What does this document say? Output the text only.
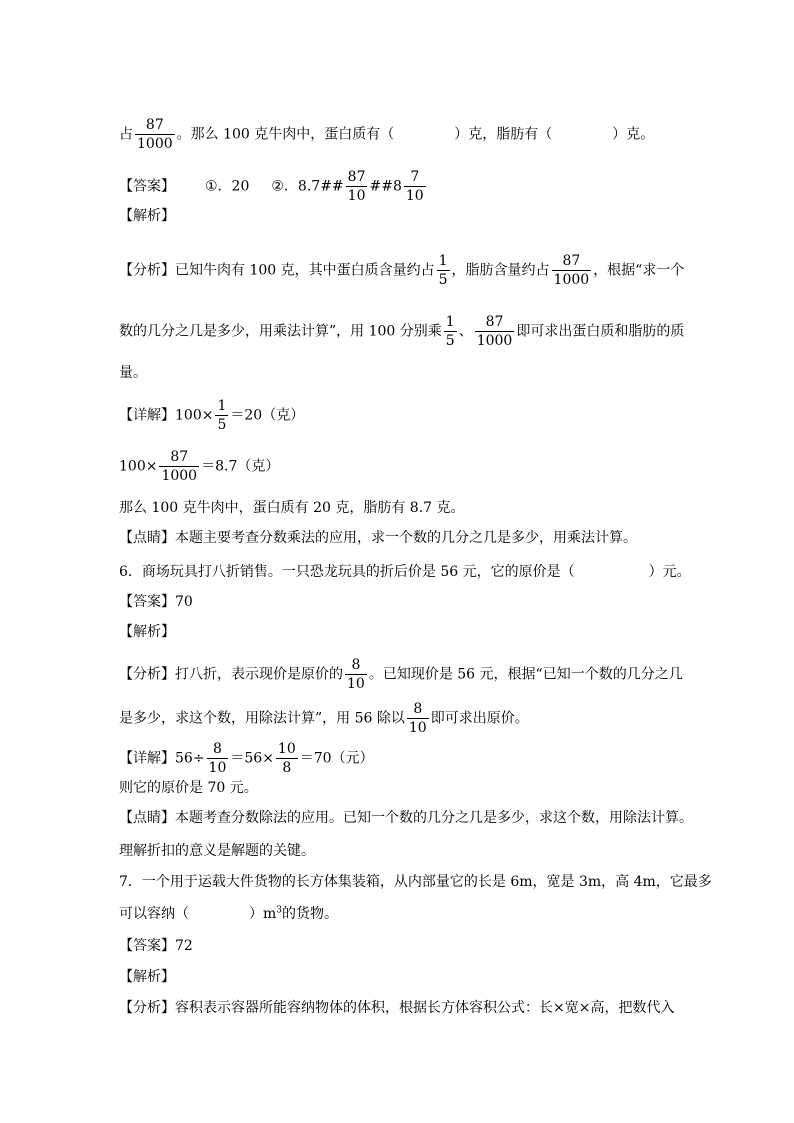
占 $\frac{87}{1000}$ 。那么 100 克牛肉中，蛋白质有（	）克，脂肪有（	）克。
【答案】 ①．20 ②．8.7## $\frac{87}{10}$ ##8 $\frac{7}{10}$
【解析】
【分析】已知牛肉有 100 克，其中蛋白质含量约占 $\frac{1}{5}$ ，脂肪含量约占 $\frac{87}{1000}$ ，根据“求一个
数的几分之几是多少，用乘法计算”，用 100 分别乘 $\frac{1}{5}$ 、 $\frac{87}{1000}$ 即可求出蛋白质和脂肪的质
量。
【详解】$100\times \frac{1}{5} =20$（克）
$100\times \frac{87}{1000} =8.7$（克）
那么 100 克牛肉中，蛋白质有 20 克，脂肪有 8.7 克。
【点睛】本题主要考查分数乘法的应用，求一个数的几分之几是多少，用乘法计算。
6．商场玩具打八折销售。一只恐龙玩具的折后价是 56 元，它的原价是（	）元。
【答案】70
【解析】
【分析】打八折，表示现价是原价的 $\frac{8}{10}$ 。已知现价是 56 元，根据“已知一个数的几分之几
是多少，求这个数，用除法计算”，用 56 除以 $\frac{8}{10}$ 即可求出原价。
【详解】$56\div \frac{8}{10} =56\times \frac{10}{8} =70$（元）
则它的原价是 70 元。
【点睛】本题考查分数除法的应用。已知一个数的几分之几是多少，求这个数，用除法计算。
理解折扣的意义是解题的关键。
7．一个用于运载大件货物的长方体集装箱，从内部量它的长是 6m，宽是 3m，高 4m，它最多
可以容纳（	）$m^3$的货物。
【答案】72
【解析】
【分析】容积表示容器所能容纳物体的体积，根据长方体容积公式：长×宽×高，把数代入
